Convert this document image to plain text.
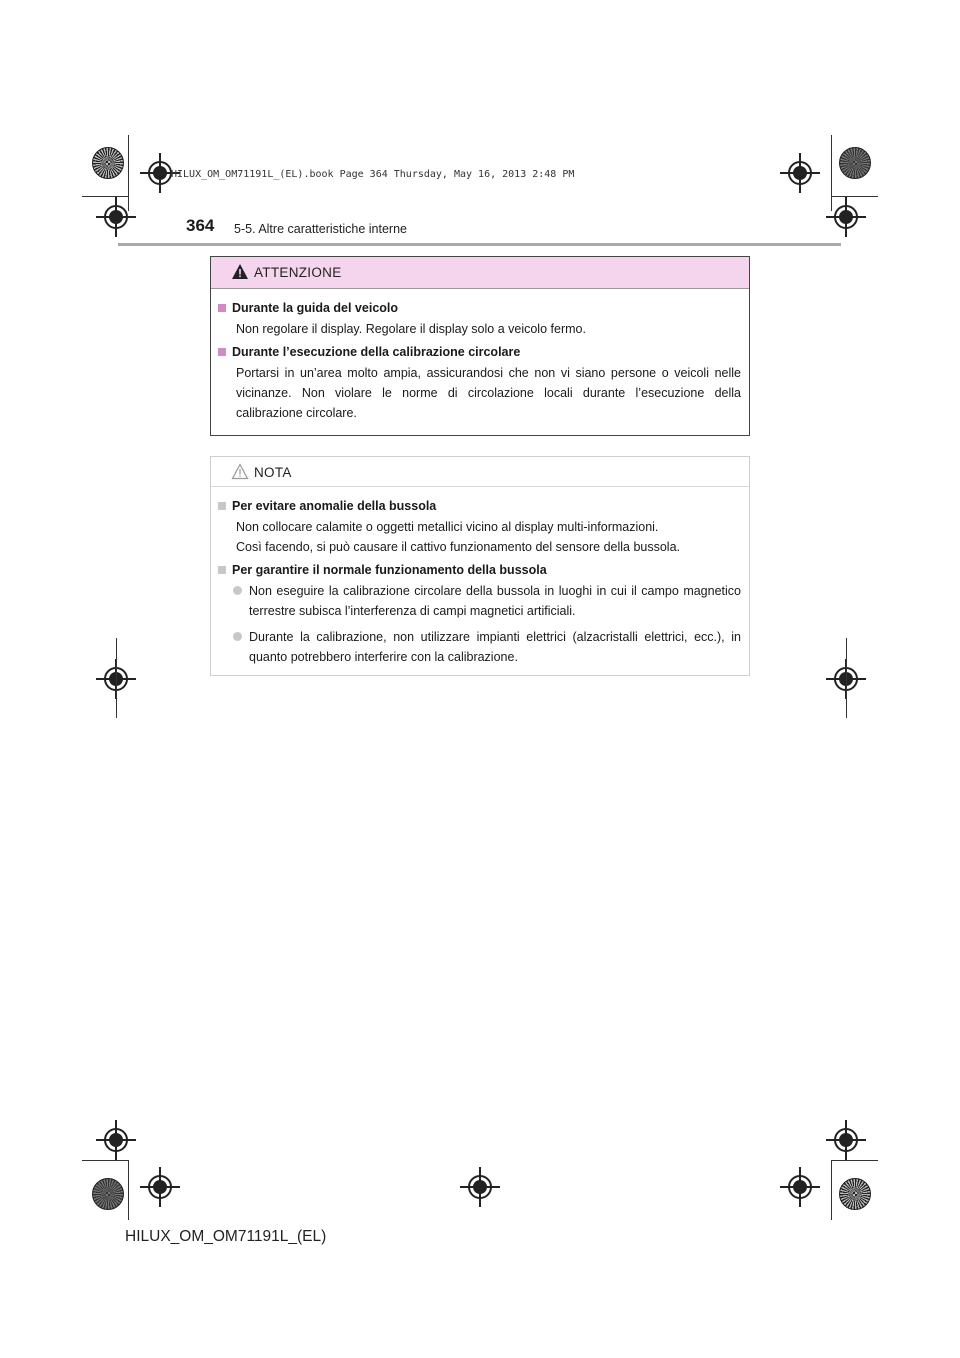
HILUX_OM_OM71191L_(EL).book Page 364 Thursday, May 16, 2013 2:48 PM
364 5-5. Altre caratteristiche interne
ATTENZIONE
Durante la guida del veicolo
Non regolare il display. Regolare il display solo a veicolo fermo.
Durante l’esecuzione della calibrazione circolare
Portarsi in un’area molto ampia, assicurandosi che non vi siano persone o veicoli nelle vicinanze. Non violare le norme di circolazione locali durante l’esecuzione della calibrazione circolare.
NOTA
Per evitare anomalie della bussola
Non collocare calamite o oggetti metallici vicino al display multi-informazioni.
Così facendo, si può causare il cattivo funzionamento del sensore della bussola.
Per garantire il normale funzionamento della bussola
Non eseguire la calibrazione circolare della bussola in luoghi in cui il campo magnetico terrestre subisca l’interferenza di campi magnetici artificiali.
Durante la calibrazione, non utilizzare impianti elettrici (alzacristalli elettrici, ecc.), in quanto potrebbero interferire con la calibrazione.
HILUX_OM_OM71191L_(EL)
